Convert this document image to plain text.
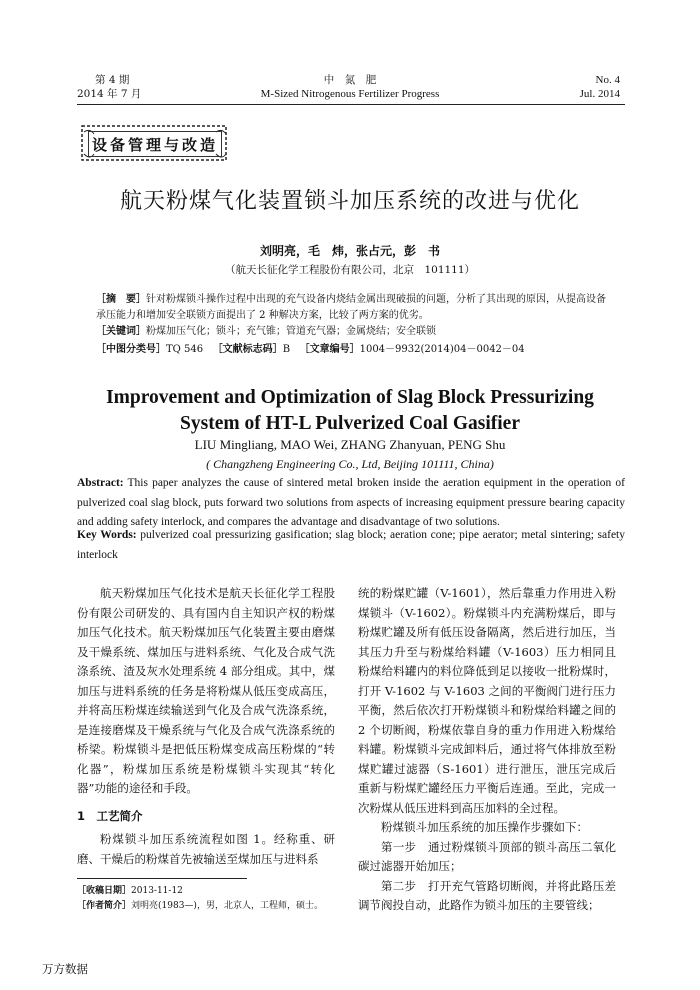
第 4 期
2014 年 7 月
中　氮　肥
M-Sized Nitrogenous Fertilizer Progress
No. 4
Jul. 2014
设备管理与改造
航天粉煤气化装置锁斗加压系统的改进与优化
刘明亮，毛　炜，张占元，彭　书
（航天长征化学工程股份有限公司，北京　101111）
［摘　要］针对粉煤锁斗操作过程中出现的充气设备内烧结金属出现破损的问题，分析了其出现的原因，从提高设备承压能力和增加安全联锁方面提出了 2 种解决方案，比较了两方案的优劣。
［关键词］粉煤加压气化；锁斗；充气锥；管道充气器；金属烧结；安全联锁
［中图分类号］TQ 546 ［文献标志码］B ［文章编号］1004－9932(2014)04－0042－04
Improvement and Optimization of Slag Block Pressurizing System of HT-L Pulverized Coal Gasifier
LIU Mingliang, MAO Wei, ZHANG Zhanyuan, PENG Shu
( Changzheng Engineering Co., Ltd, Beijing 101111, China)
Abstract: This paper analyzes the cause of sintered metal broken inside the aeration equipment in the operation of pulverized coal slag block, puts forward two solutions from aspects of increasing equipment pressure bearing capacity and adding safety interlock, and compares the advantage and disadvantage of two solutions.
Key Words: pulverized coal pressurizing gasification; slag block; aeration cone; pipe aerator; metal sintering; safety interlock

航天粉煤加压气化技术是航天长征化学工程股份有限公司研发的、具有国内自主知识产权的粉煤加压气化技术。航天粉煤加压气化装置主要由磨煤及干燥系统、煤加压与进料系统、气化及合成气洗涤系统、渣及灰水处理系统 4 部分组成。其中，煤加压与进料系统的任务是将粉煤从低压变成高压，并将高压粉煤连续输送到气化及合成气洗涤系统，是连接磨煤及干燥系统与气化及合成气洗涤系统的桥梁。粉煤锁斗是把低压粉煤变成高压粉煤的“转化器”，粉煤加压系统是粉煤锁斗实现其“转化器”功能的途径和手段。

1　工艺简介

粉煤锁斗加压系统流程如图 1。经称重、研磨、干燥后的粉煤首先被输送至煤加压与进料系

统的粉煤贮罐（V-1601），然后靠重力作用进入粉煤锁斗（V-1602）。粉煤锁斗内充满粉煤后，即与粉煤贮罐及所有低压设备隔离，然后进行加压，当其压力升至与粉煤给料罐（V-1603）压力相同且粉煤给料罐内的料位降低到足以接收一批粉煤时，打开 V-1602 与 V-1603 之间的平衡阀门进行压力平衡，然后依次打开粉煤锁斗和粉煤给料罐之间的 2 个切断阀，粉煤依靠自身的重力作用进入粉煤给料罐。粉煤锁斗完成卸料后，通过将气体排放至粉煤贮罐过滤器（S-1601）进行泄压，泄压完成后重新与粉煤贮罐经压力平衡后连通。至此，完成一次粉煤从低压进料到高压加料的全过程。

粉煤锁斗加压系统的加压操作步骤如下：

第一步　通过粉煤锁斗顶部的锁斗高压二氧化碳过滤器开始加压；

第二步　打开充气管路切断阀，并将此路压差调节阀投自动，此路作为锁斗加压的主要管线；

［收稿日期］2013-11-12
［作者简介］刘明亮(1983—)，男，北京人，工程师，硕士。
万方数据
